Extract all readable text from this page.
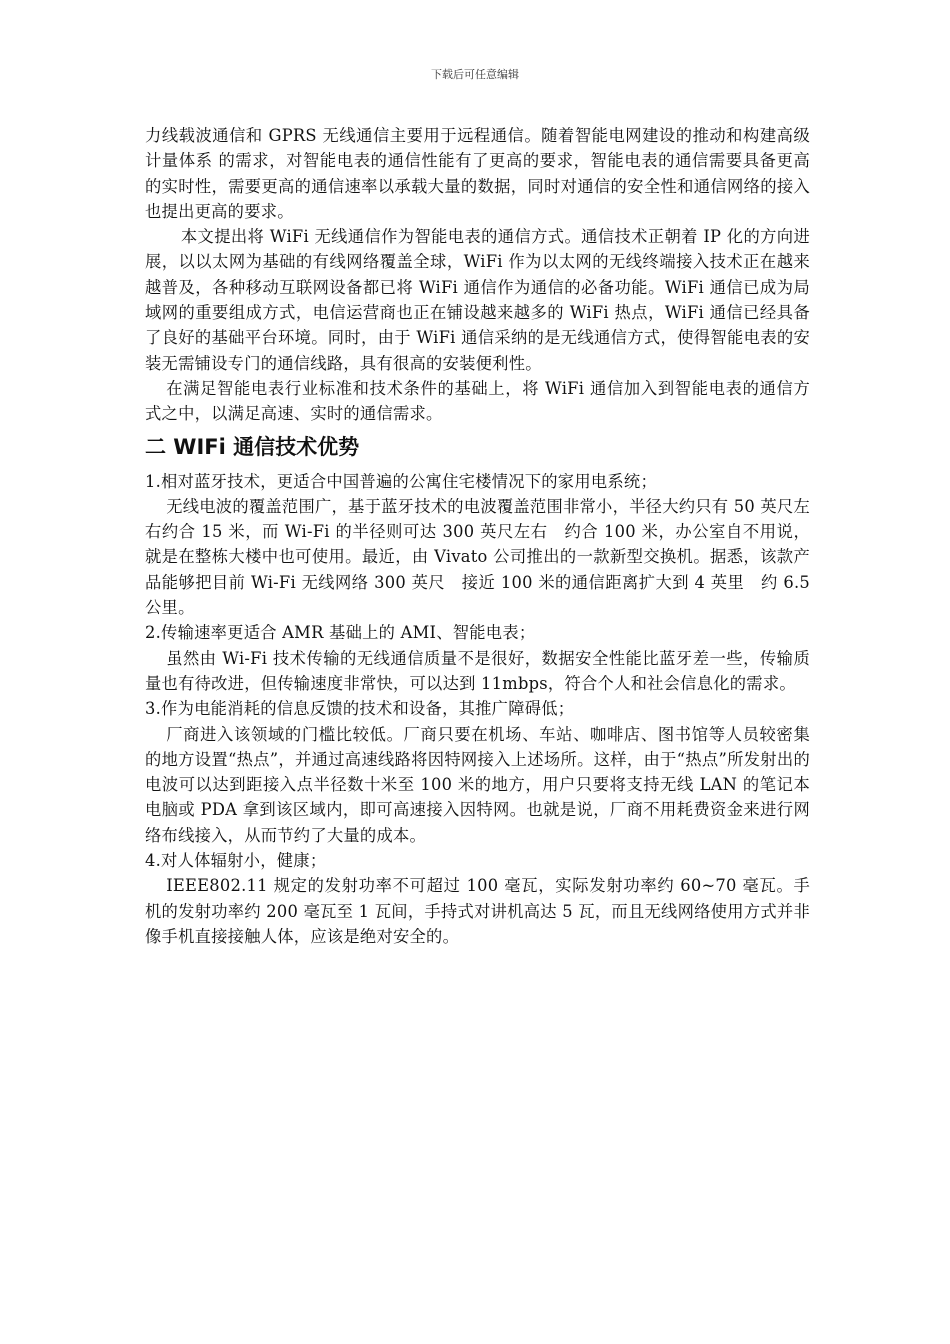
下载后可任意编辑

力线载波通信和 GPRS 无线通信主要用于远程通信。随着智能电网建设的推动和构建高级计量体系 的需求，对智能电表的通信性能有了更高的要求，智能电表的通信需要具备更高的实时性，需要更高的通信速率以承载大量的数据，同时对通信的安全性和通信网络的接入也提出更高的要求。

本文提出将 WiFi 无线通信作为智能电表的通信方式。通信技术正朝着 IP 化的方向进展，以以太网为基础的有线网络覆盖全球，WiFi 作为以太网的无线终端接入技术正在越来越普及，各种移动互联网设备都已将 WiFi 通信作为通信的必备功能。WiFi 通信已成为局域网的重要组成方式，电信运营商也正在铺设越来越多的 WiFi 热点，WiFi 通信已经具备了良好的基础平台环境。同时，由于 WiFi 通信采纳的是无线通信方式，使得智能电表的安装无需铺设专门的通信线路，具有很高的安装便利性。

在满足智能电表行业标准和技术条件的基础上，将 WiFi 通信加入到智能电表的通信方式之中，以满足高速、实时的通信需求。

二 WIFi 通信技术优势

1.相对蓝牙技术，更适合中国普遍的公寓住宅楼情况下的家用电系统；

无线电波的覆盖范围广，基于蓝牙技术的电波覆盖范围非常小，半径大约只有 50 英尺左右约合 15 米，而 Wi-Fi 的半径则可达 300 英尺左右　约合 100 米，办公室自不用说，就是在整栋大楼中也可使用。最近，由 Vivato 公司推出的一款新型交换机。据悉，该款产品能够把目前 Wi-Fi 无线网络 300 英尺　接近 100 米的通信距离扩大到 4 英里　约 6.5 公里。

2.传输速率更适合 AMR 基础上的 AMI、智能电表；

虽然由 Wi-Fi 技术传输的无线通信质量不是很好，数据安全性能比蓝牙差一些，传输质量也有待改进，但传输速度非常快，可以达到 11mbps，符合个人和社会信息化的需求。

3.作为电能消耗的信息反馈的技术和设备，其推广障碍低；

厂商进入该领域的门槛比较低。厂商只要在机场、车站、咖啡店、图书馆等人员较密集的地方设置“热点”，并通过高速线路将因特网接入上述场所。这样，由于“热点”所发射出的电波可以达到距接入点半径数十米至 100 米的地方，用户只要将支持无线 LAN 的笔记本电脑或 PDA 拿到该区域内，即可高速接入因特网。也就是说，厂商不用耗费资金来进行网络布线接入，从而节约了大量的成本。

4.对人体辐射小，健康；

IEEE802.11 规定的发射功率不可超过 100 毫瓦，实际发射功率约 60~70 毫瓦。手机的发射功率约 200 毫瓦至 1 瓦间，手持式对讲机高达 5 瓦，而且无线网络使用方式并非像手机直接接触人体，应该是绝对安全的。
